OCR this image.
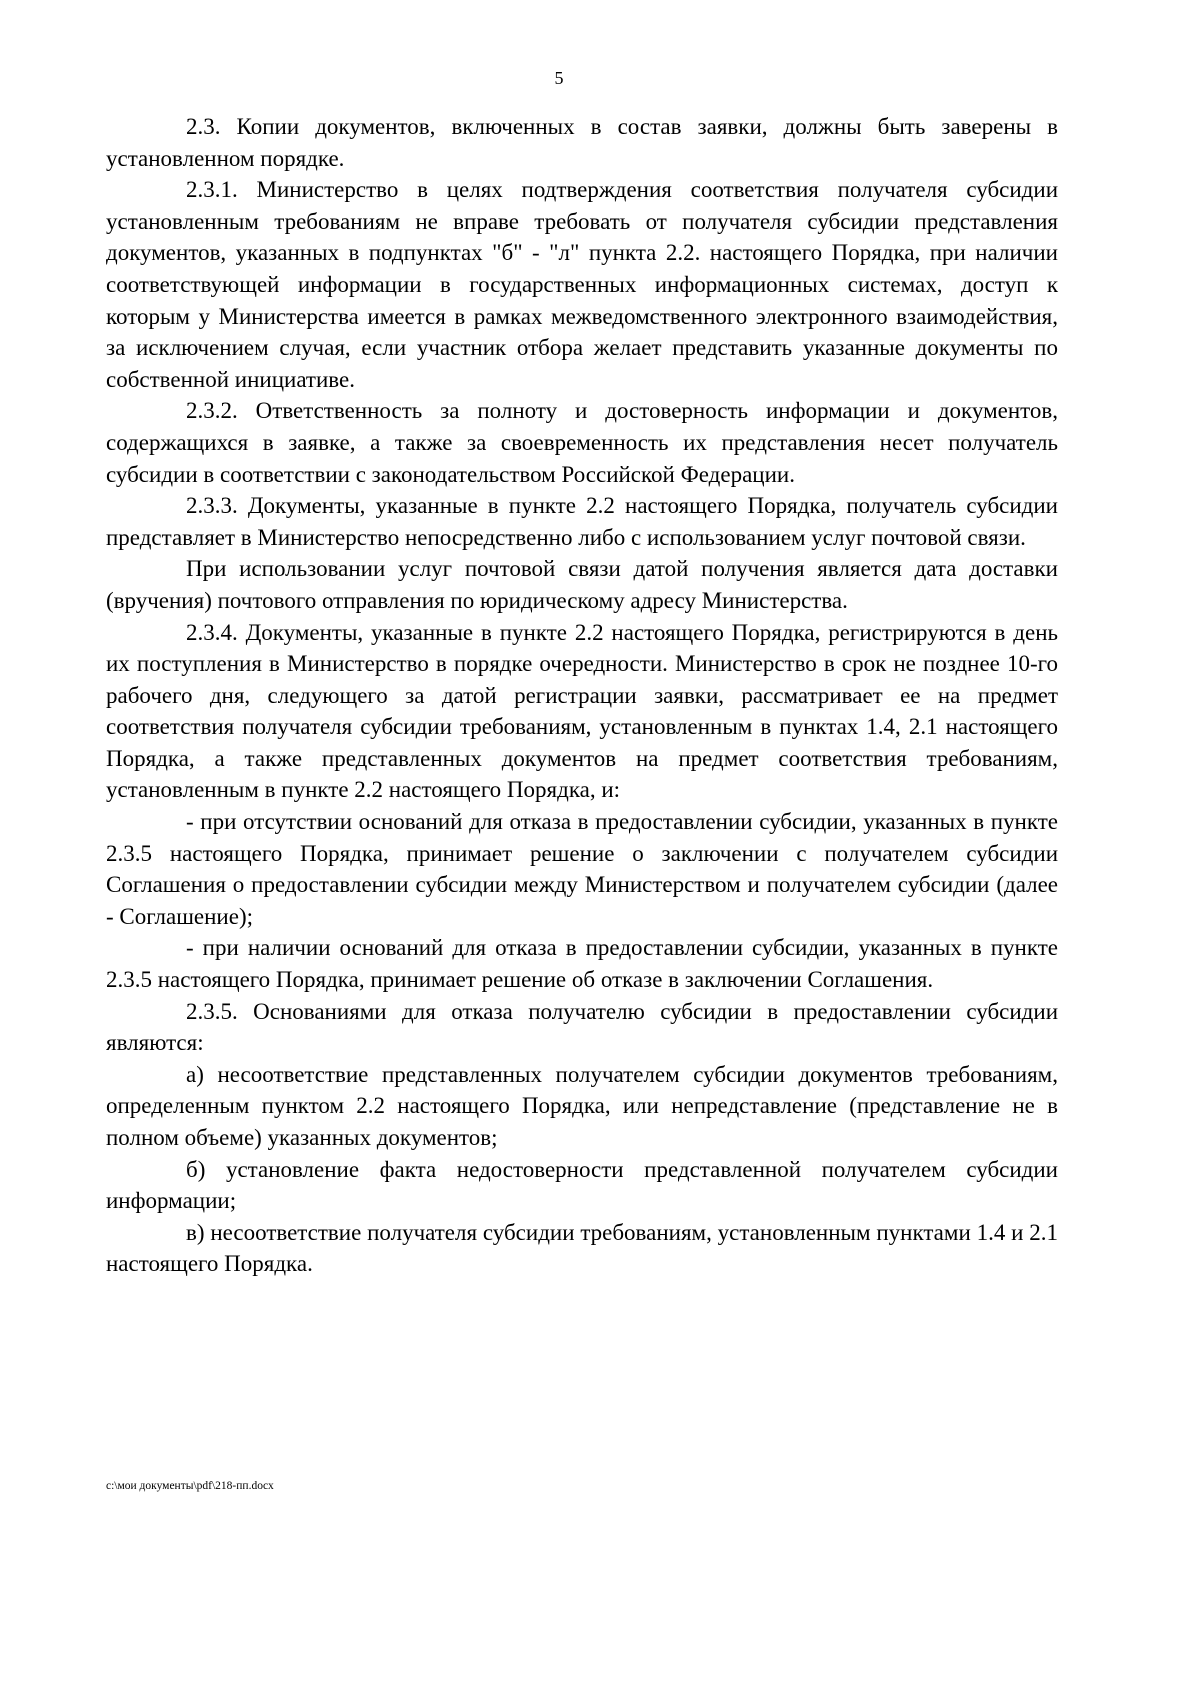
5

2.3. Копии документов, включенных в состав заявки, должны быть заверены в установленном порядке.

2.3.1. Министерство в целях подтверждения соответствия получателя субсидии установленным требованиям не вправе требовать от получателя субсидии представления документов, указанных в подпунктах "б" - "л" пункта 2.2. настоящего Порядка, при наличии соответствующей информации в государственных информационных системах, доступ к которым у Министерства имеется в рамках межведомственного электронного взаимодействия, за исключением случая, если участник отбора желает представить указанные документы по собственной инициативе.

2.3.2. Ответственность за полноту и достоверность информации и документов, содержащихся в заявке, а также за своевременность их представления несет получатель субсидии в соответствии с законодательством Российской Федерации.

2.3.3. Документы, указанные в пункте 2.2 настоящего Порядка, получатель субсидии представляет в Министерство непосредственно либо с использованием услуг почтовой связи.

При использовании услуг почтовой связи датой получения является дата доставки (вручения) почтового отправления по юридическому адресу Министерства.

2.3.4. Документы, указанные в пункте 2.2 настоящего Порядка, регистрируются в день их поступления в Министерство в порядке очередности. Министерство в срок не позднее 10-го рабочего дня, следующего за датой регистрации заявки, рассматривает ее на предмет соответствия получателя субсидии требованиям, установленным в пунктах 1.4, 2.1 настоящего Порядка, а также представленных документов на предмет соответствия требованиям, установленным в пункте 2.2 настоящего Порядка, и:

- при отсутствии оснований для отказа в предоставлении субсидии, указанных в пункте 2.3.5 настоящего Порядка, принимает решение о заключении с получателем субсидии Соглашения о предоставлении субсидии между Министерством и получателем субсидии (далее - Соглашение);

- при наличии оснований для отказа в предоставлении субсидии, указанных в пункте 2.3.5 настоящего Порядка, принимает решение об отказе в заключении Соглашения.

2.3.5. Основаниями для отказа получателю субсидии в предоставлении субсидии являются:

а) несоответствие представленных получателем субсидии документов требованиям, определенным пунктом 2.2 настоящего Порядка, или непредставление (представление не в полном объеме) указанных документов;

б) установление факта недостоверности представленной получателем субсидии информации;

в) несоответствие получателя субсидии требованиям, установленным пунктами 1.4 и 2.1 настоящего Порядка.

c:\мои документы\pdf\218-пп.docx
